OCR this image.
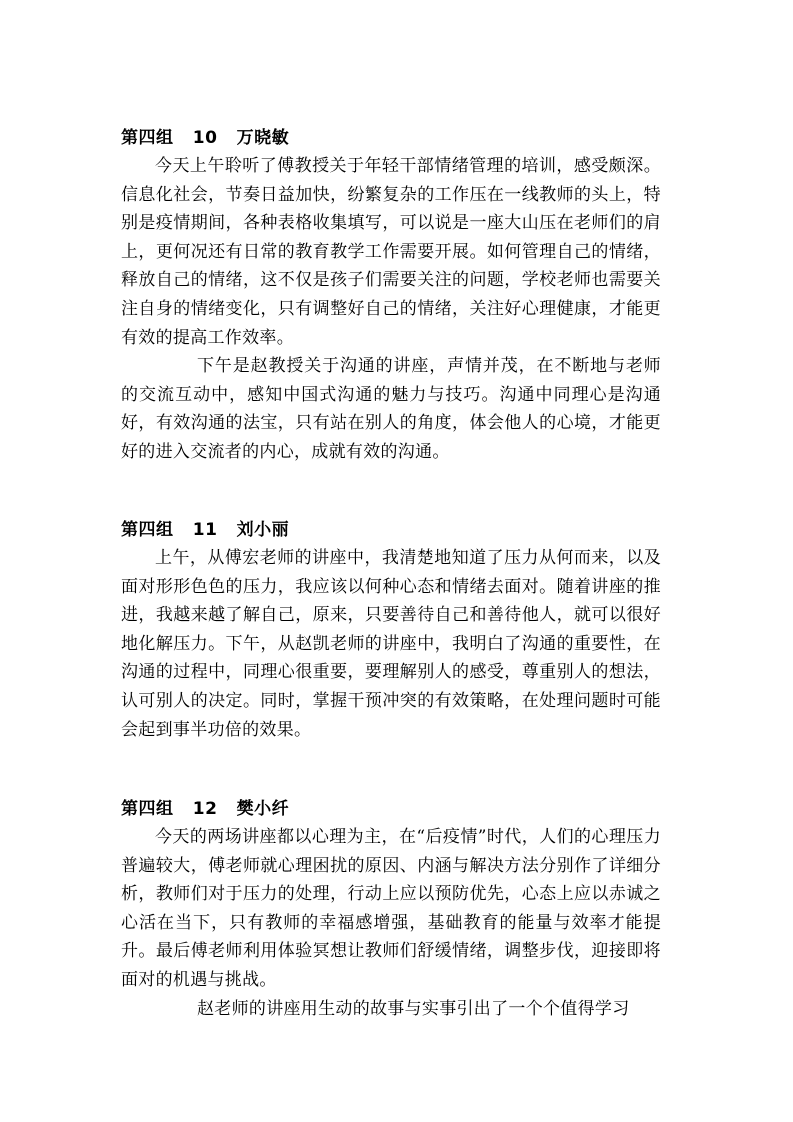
第四组   10   万晓敏

今天上午聆听了傅教授关于年轻干部情绪管理的培训，感受颇深。信息化社会，节奏日益加快，纷繁复杂的工作压在一线教师的头上，特别是疫情期间，各种表格收集填写，可以说是一座大山压在老师们的肩上，更何况还有日常的教育教学工作需要开展。如何管理自己的情绪，释放自己的情绪，这不仅是孩子们需要关注的问题，学校老师也需要关注自身的情绪变化，只有调整好自己的情绪，关注好心理健康，才能更有效的提高工作效率。

下午是赵教授关于沟通的讲座，声情并茂，在不断地与老师的交流互动中，感知中国式沟通的魅力与技巧。沟通中同理心是沟通好，有效沟通的法宝，只有站在别人的角度，体会他人的心境，才能更好的进入交流者的内心，成就有效的沟通。

第四组   11   刘小丽

上午，从傅宏老师的讲座中，我清楚地知道了压力从何而来，以及面对形形色色的压力，我应该以何种心态和情绪去面对。随着讲座的推进，我越来越了解自己，原来，只要善待自己和善待他人，就可以很好地化解压力。下午，从赵凯老师的讲座中，我明白了沟通的重要性，在沟通的过程中，同理心很重要，要理解别人的感受，尊重别人的想法，认可别人的决定。同时，掌握干预冲突的有效策略，在处理问题时可能会起到事半功倍的效果。

第四组   12   樊小纤

今天的两场讲座都以心理为主，在“后疫情”时代，人们的心理压力普遍较大，傅老师就心理困扰的原因、内涵与解决方法分别作了详细分析，教师们对于压力的处理，行动上应以预防优先，心态上应以赤诚之心活在当下，只有教师的幸福感增强，基础教育的能量与效率才能提升。最后傅老师利用体验冥想让教师们舒缓情绪，调整步伐，迎接即将面对的机遇与挑战。

赵老师的讲座用生动的故事与实事引出了一个个值得学习
